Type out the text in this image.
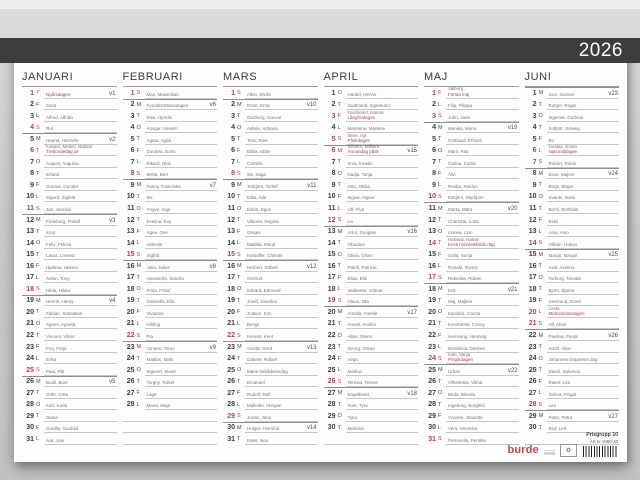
JANUARI
1 T	Nyårsdagen	v1
2 F	Svea
3 L	Alfred, Alfrida
4 S	Rut
5 M	Hanna, Hannele	v2
6 T
Kasper, Melker, Baltsar
Trettondedag jul
7 O	August, Augusta
8 T	Erland
9 F	Gunnar, Gunder
10 L	Sigurd, Sigbritt
11 S	Jan, Jannike
12 M	Frideborg, Fridolf	v3
13 T	Knut
14 O	Felix, Felicia
15 T	Laura, Lorentz
16 F	Hjalmar, Helmer
17 L	Anton, Tony
18 S	Hilda, Hildur
19 M	Henrik, Henry	v4
20 T	Fabian, Sebastian
21 O	Agnes, Agneta
22 T	Vincent, Viktor
23 F	Frej, Freja
24 L	Erika
25 S	Paul, Pål
26 M	Bodil, Boel	v5
27 T	Göte, Göta
28 O	Karl, Karla
29 T	Diana
30 F	Gunilla, Gunhild
31 L	Ivar, Joar
FEBRUARI
1 S	Max, Maximilian
2 M	Kyndelsmässodagen	v6
3 T	Disa, Hjördis
4 O	Ansgar, Anselm
5 T	Agata, Agda
6 F	Dorotea, Doris
7 L	Rikard, Dick
8 S	Berta, Bert
9 M	Fanny, Franciska	v7
10 T	Iris
11 O	Yngve, Inge
12 T	Evelina, Evy
13 F	Agne, Ove
14 L	Valentin
15 S	Sigfrid
16 M	Julia, Julius	v8
17 T	Alexandra, Sandra
18 O	Frida, Fritiof
19 T	Gabriella, Ella
20 F	Vivianne
21 L	Hilding
22 S	Pia
23 M	Torsten, Torun	v9
24 T	Mattias, Mats
25 O	Sigvard, Sivert
26 T	Torgny, Torkel
27 F	Lage
28 L	Maria, Maja
MARS
1 S	Albin, Elvira
2 M	Ernst, Erna	v10
3 T	Gunborg, Gunvor
4 O	Adrian, Adriana
5 T	Tora, Tove
6 F	Ebba, Ebbe
7 L	Camilla
8 S	Siv, Saga
9 M	Torbjörn, Torleif	v11
10 T	Edla, Ada
11 O	Edvin, Egon
12 T	Viktoria, Regina
13 F	Greger
14 L	Matilda, Maud
15 S	Kristoffer, Christel
16 M	Herbert, Gilbert	v12
17 T	Gertrud
18 O	Edvard, Edmund
19 T	Josef, Josefina
20 F	Joakim, Kim
21 L	Bengt
22 S	Kennet, Kent
23 M	Gerda, Gerd	v13
24 T	Gabriel, Rafael
25 O	Marie bebådelsedag
26 T	Emanuel
27 F	Rudolf, Ralf
28 L	Malkolm, Morgan
29 S	Jonas, Jens
30 M	Holger, Holmfrid	v14
31 T	Ester, Noa
APRIL
1 O	Harald, Hervor
2 T	Gudmund, Ingemund
3 F
Ferdinand, Nanna
Långfredagen
4 L	Marianne, Marlene
5 S
Irene, Irja
Påskdagen
6 M
Vilhelm, William
Annandag påsk	v15
7 T	Irma, Irmelin
8 O	Nadja, Tanja
9 T	Otto, Ottilia
10 F	Ingvar, Ingvor
11 L	Ulf, Ylva
12 S	Liv
13 M	Artur, Douglas	v16
14 T	Tiburtius
15 O	Olivia, Oliver
16 T	Patrik, Patricia
17 F	Elias, Elis
18 L	Valdemar, Volmar
19 S	Olaus, Ola
20 M	Amalia, Amelie	v17
21 T	Anneli, Annika
22 O	Allan, Glenn
23 T	Georg, Göran
24 F	Vega
25 L	Markus
26 S	Teresia, Terese
27 M	Engelbrekt	v18
28 T	Ture, Tyra
29 O	Tyko
30 T	Mariana
MAJ
1 F
Valborg
Första maj
2 L	Filip, Filippa
3 S	John, Jane
4 M	Monika, Mona	v19
5 T	Gotthard, Erhard
6 O	Marit, Rita
7 T	Carina, Carita
8 F	Åke
9 L	Reidar, Reidun
10 S	Esbjörn, Styrbjörn
11 M	Märta, Märit	v20
12 T	Charlotta, Lotta
13 O	Linnea, Linn
14 T
Halvard, Halvar
Kristi himmelsfärds dag
15 F	Sofia, Sonja
16 L	Ronald, Ronny
17 S	Rebecka, Ruben
18 M	Erik	v21
19 T	Maj, Majken
20 O	Karolina, Carola
21 T	Konstantin, Conny
22 F	Hemming, Henning
23 L	Desideria, Desirée
24 S
Ivan, Vanja
Pingstdagen
25 M	Urban	v22
26 T	Vilhelmina, Vilma
27 O	Beda, Blenda
28 T	Ingeborg, Borghild
29 F	Yvonne, Jeanette
30 L	Vera, Veronika
31 S	Petronella, Pernilla
JUNI
1 M	Gun, Gunnel	v23
2 T	Rutger, Roger
3 O	Ingemar, Gudmar
4 T	Solbritt, Solveig
5 F	Bo
6 L
Gustav, Gösta
Nationaldagen
7 S	Robert, Robin
8 M	Eivor, Majvor	v24
9 T	Börje, Birger
10 O	Svante, Boris
11 T	Bertil, Berthold
12 F	Eskil
13 L	Aina, Aino
14 S	Håkan, Hakon
15 M	Margit, Margot	v25
16 T	Axel, Axelina
17 O	Torborg, Torvald
18 T	Björn, Bjarne
19 F	Germund, Görel
20 L
Linda
Midsommardagen
21 S	Alf, Alvar
22 M	Paulina, Paula	v26
23 T	Adolf, Alice
24 O	Johannes Döparens dag
25 T	David, Salomon
26 F	Rakel, Lea
27 L	Selma, Fingal
28 S	Leo
29 M	Peter, Petra	v27
30 T	Elof, Leif
burde	♻
Prisgrupp 10
Art.nr 1060-10
2026
